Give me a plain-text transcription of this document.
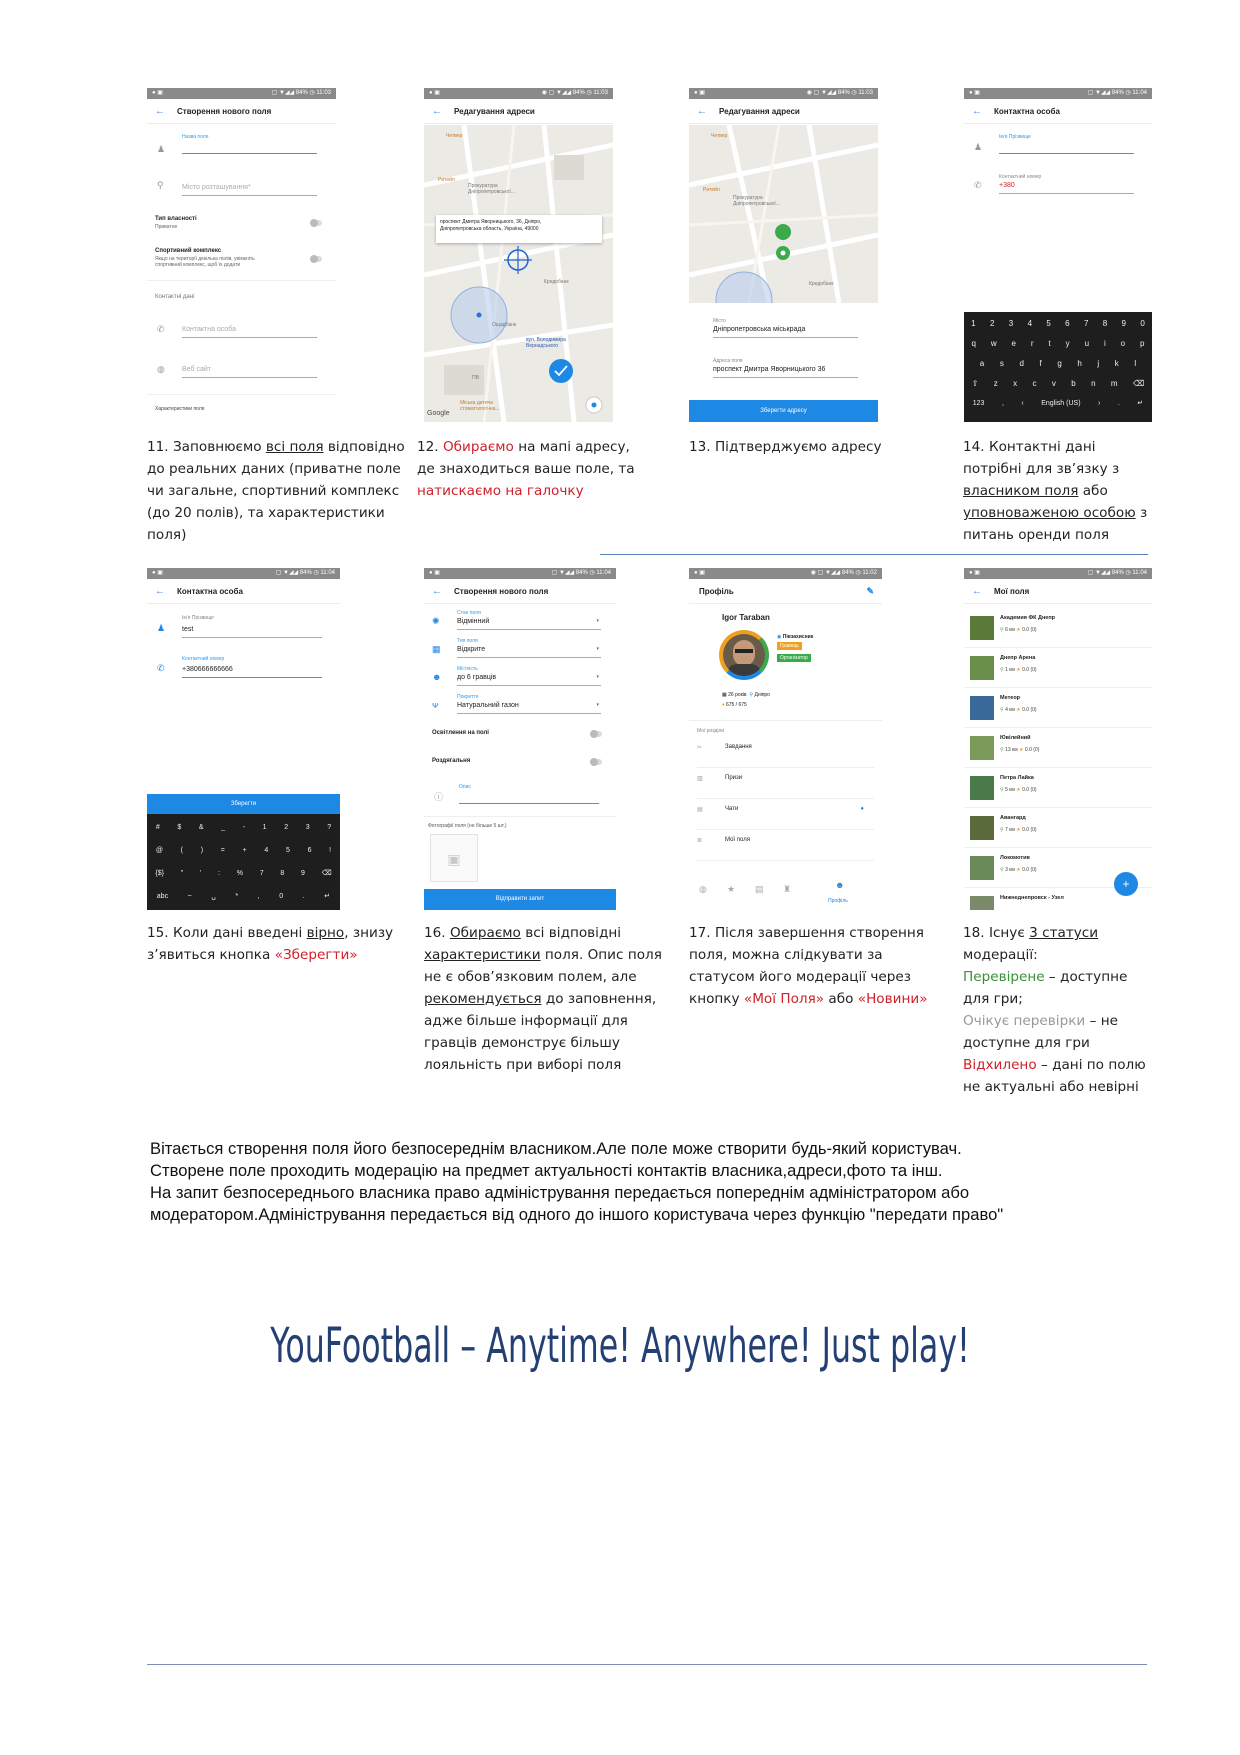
● ▣	▢ ▼◢◢ 84% ◷ 11:03
← Створення нового поля
♟
Назва поля
⚲	Місто розташування*
Тип власності
Приватне
Спортивний комплекс
Якщо на території декілька полів, увімкніть
спортивний комплекс, щоб їх додати
Контактні дані
✆ Контактна особа
◍ Веб сайт
Характеристики поля
● ▣	◉ ▢ ▼◢◢ 84% ◷ 11:03
← Редагування адреси
Четвер
Ритейл
Прокуратура Дніпропетровської...
Кредобанк
Ощадбанк
вул. Володимира Вернадського
Міська дитяча стоматологічна...
ПВ
проспект Дмитра Яворницького, 36, Дніпро,
Дніпропетровська область, Україна, 49000
Google
● ▣	◉ ▢ ▼◢◢ 84% ◷ 11:03
← Редагування адреси
Четвер
Ритейл
Прокуратура Дніпропетровської...
Кредобанк
Місто
Дніпропетровська міськрада
Адреса поля
проспект Дмитра Яворницького 36
Зберегти адресу
● ▣	▢ ▼◢◢ 84% ◷ 11:04
← Контактна особа
♟
Ім'я Прізвище
✆
Контактний номер
+380
1 2 3 4 5 6 7 8 9 0
q w e r t y u i o p
a s d f g h j k l
⇧ z x c v b n m ⌫
123	,	‹	English (US)	›	.	↵
11. Заповнюємо всі поля відповідно до реальних даних (приватне поле чи загальне, спортивний комплекс (до 20 полів), та характеристики поля)
12. Обираємо на мапі адресу, де знаходиться ваше поле, та натискаємо на галочку
13. Підтверджуємо адресу	14. Контактні дані потрібні для зв’язку з власником поля або уповноваженою особою з питань оренди поля
● ▣	▢ ▼◢◢ 84% ◷ 11:04
← Контактна особа
♟
Ім'я Прізвище
test
✆
Контактний номер
+380666666666
Зберегти
#	$	&	_	-	1	2	3	?
@	(	)	=	+	4	5	6	!
{$} " ' : % 7 8 9 ⌫
abc	~	␣	*	,	0	.	↵
● ▣	▢ ▼◢◢ 84% ◷ 11:04
← Створення нового поля
✺
Стан поля
Відмінний	▾
▦
Тип поля
Відкрите	▾
☻
Місткість
до 6 гравців	▾
ᴪ
Покриття
Натуральний газон	▾
Освітлення на полі
Роздягальня
ⓘ
Опис
Фотографії поля (не більше 5 шт.)
▣
Відправити запит
● ▣	◉ ▢ ▼◢◢ 84% ◷ 11:02
Профіль	✎
Igor Taraban
◉ Півзахисник
Гравець
Організатор
▦ 26 років ⚲ Дніпро
♦ 675 / 675
Мої розділи
✂	Завдання
▥	Призи
▤	Чати	●
≣	Мої поля
◍ ★ ▤ ♜	☻
Профіль
● ▣	▢ ▼◢◢ 84% ◷ 11:04
← Мої поля
Академия ФК Днепр
⚲ 6 км ★ 0.0 (0)
Днепр Арена
⚲ 1 км ★ 0.0 (0)
Метеор
⚲ 4 км ★ 0.0 (0)
Ювілейний
⚲ 13 км ★ 0.0 (0)
Петра Лайка
⚲ 5 км ★ 0.0 (0)
Авангард
⚲ 7 км ★ 0.0 (0)
Локомотив
⚲ 3 км ★ 0.0 (0)
Нижнеднепровск - Узел
+
15. Коли дані введені вірно, знизу з’явиться кнопка «Зберегти»
16. Обираємо всі відповідні характеристики поля. Опис поля не є обов’язковим полем, але рекомендується до заповнення, адже більше інформації для гравців демонструє більшу лояльність при виборі поля
17. Після завершення створення поля, можна слідкувати за статусом його модерації через кнопку «Мої Поля» або «Новини»
18. Існує 3 статуси модерації:
Перевірене – доступне для гри;
Очікує перевірки – не доступне для гри
Відхилено – дані по полю не актуальні або невірні
Вітається створення поля його безпосереднім власником.Але поле може створити будь-який користувач.
Створене поле проходить модерацію на предмет актуальності контактів власника,адреси,фото та інш.
На запит безпосереднього власника право адміністрування передається попереднім адміністратором або
модератором.Адміністрування передається від одного до іншого користувача через функцію "передати право"
YouFootball – Anytime! Anywhere! Just play!
